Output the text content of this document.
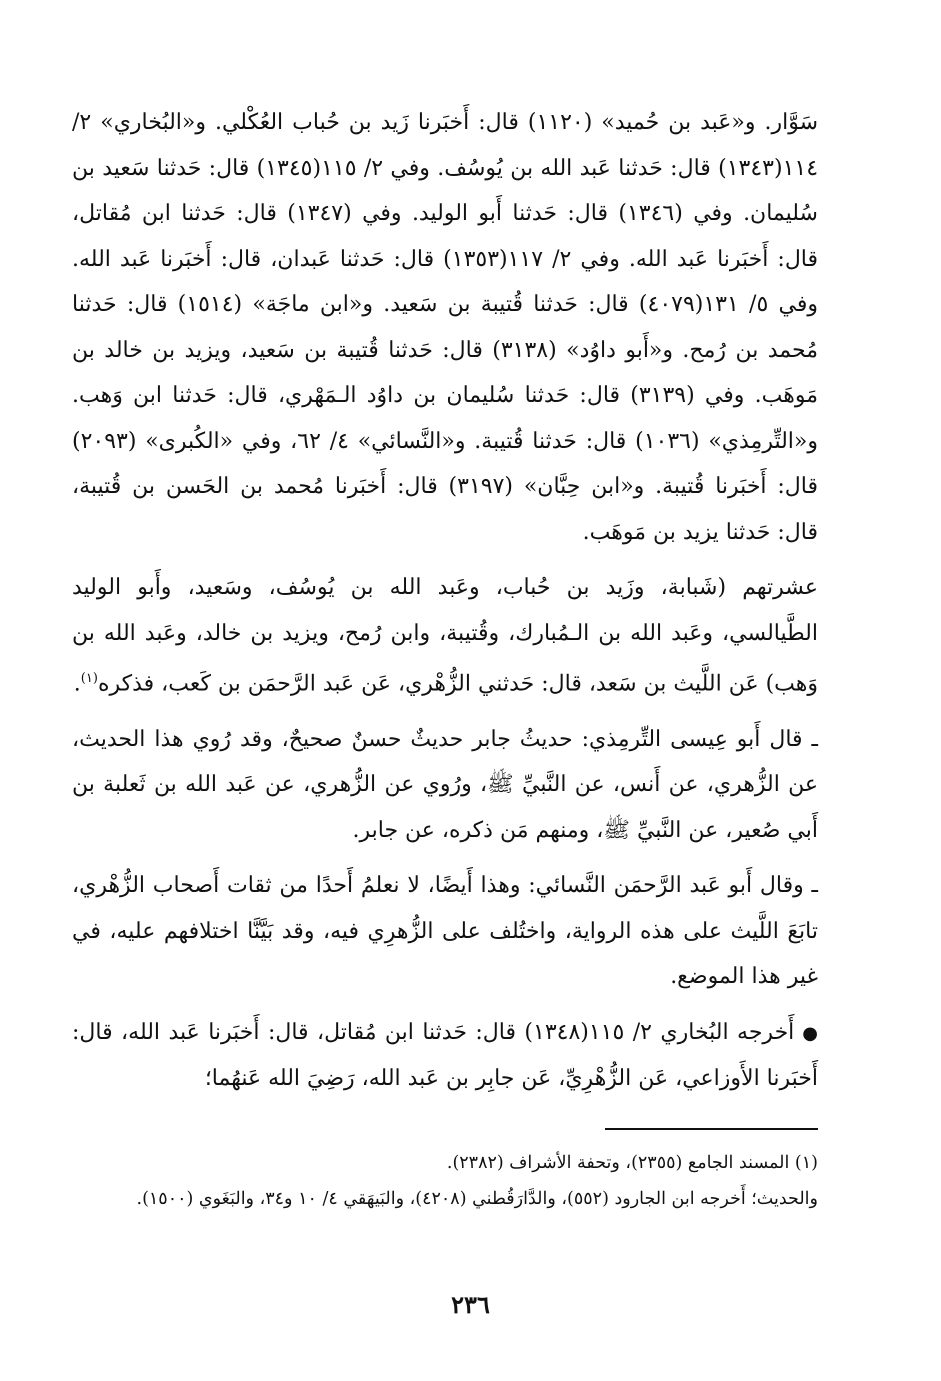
سَوَّار. و«عَبد بن حُميد» (١١٢٠) قال: أَخبَرنا زَيد بن حُباب العُكْلي. و«البُخاري» ٢/ ١١٤(١٣٤٣) قال: حَدثنا عَبد الله بن يُوسُف. وفي ٢/ ١١٥(١٣٤٥) قال: حَدثنا سَعيد بن سُليمان. وفي (١٣٤٦) قال: حَدثنا أَبو الوليد. وفي (١٣٤٧) قال: حَدثنا ابن مُقاتل، قال: أَخبَرنا عَبد الله. وفي ٢/ ١١٧(١٣٥٣) قال: حَدثنا عَبدان، قال: أَخبَرنا عَبد الله. وفي ٥/ ١٣١(٤٠٧٩) قال: حَدثنا قُتيبة بن سَعيد. و«ابن ماجَة» (١٥١٤) قال: حَدثنا مُحمد بن رُمح. و«أَبو داوُد» (٣١٣٨) قال: حَدثنا قُتيبة بن سَعيد، ويزيد بن خالد بن مَوهَب. وفي (٣١٣٩) قال: حَدثنا سُليمان بن داوُد الـمَهْري، قال: حَدثنا ابن وَهب. و«التِّرمِذي» (١٠٣٦) قال: حَدثنا قُتيبة. و«النَّسائي» ٤/ ٦٢، وفي «الكُبرى» (٢٠٩٣) قال: أَخبَرنا قُتيبة. و«ابن حِبَّان» (٣١٩٧) قال: أَخبَرنا مُحمد بن الحَسن بن قُتيبة، قال: حَدثنا يزيد بن مَوهَب.

عشرتهم (شَبابة، وزَيد بن حُباب، وعَبد الله بن يُوسُف، وسَعيد، وأَبو الوليد الطَّيالسي، وعَبد الله بن الـمُبارك، وقُتيبة، وابن رُمح، ويزيد بن خالد، وعَبد الله بن وَهب) عَن اللَّيث بن سَعد، قال: حَدثني الزُّهْري، عَن عَبد الرَّحمَن بن كَعب، فذكره$^{(١)}$.

ـ قال أَبو عِيسى التِّرمِذي: حديثُ جابر حديثٌ حسنٌ صحيحٌ، وقد رُوي هذا الحديث، عن الزُّهري، عن أَنس، عن النَّبيِّ ﷺ، ورُوي عن الزُّهري، عن عَبد الله بن ثَعلبة بن أَبي صُعير، عن النَّبيِّ ﷺ، ومنهم مَن ذكره، عن جابر.

ـ وقال أَبو عَبد الرَّحمَن النَّسائي: وهذا أَيضًا، لا نعلمُ أَحدًا من ثقات أَصحاب الزُّهْري، تابَعَ اللَّيث على هذه الرواية، واختُلف على الزُّهرِي فيه، وقد بَيَّنَّا اختلافهم عليه، في غير هذا الموضع.

●أَخرجه البُخاري ٢/ ١١٥(١٣٤٨) قال: حَدثنا ابن مُقاتل، قال: أَخبَرنا عَبد الله، قال: أَخبَرنا الأَوزاعي، عَن الزُّهْرِيِّ، عَن جابِر بن عَبد الله، رَضِيَ الله عَنهُما؛

(١) المسند الجامع (٢٣٥٥)، وتحفة الأشراف (٢٣٨٢).

والحديث؛ أَخرجه ابن الجارود (٥٥٢)، والدَّارَقُطني (٤٢٠٨)، والبَيهَقي ٤/ ١٠ و٣٤، والبَغَوي (١٥٠٠).

٢٣٦
